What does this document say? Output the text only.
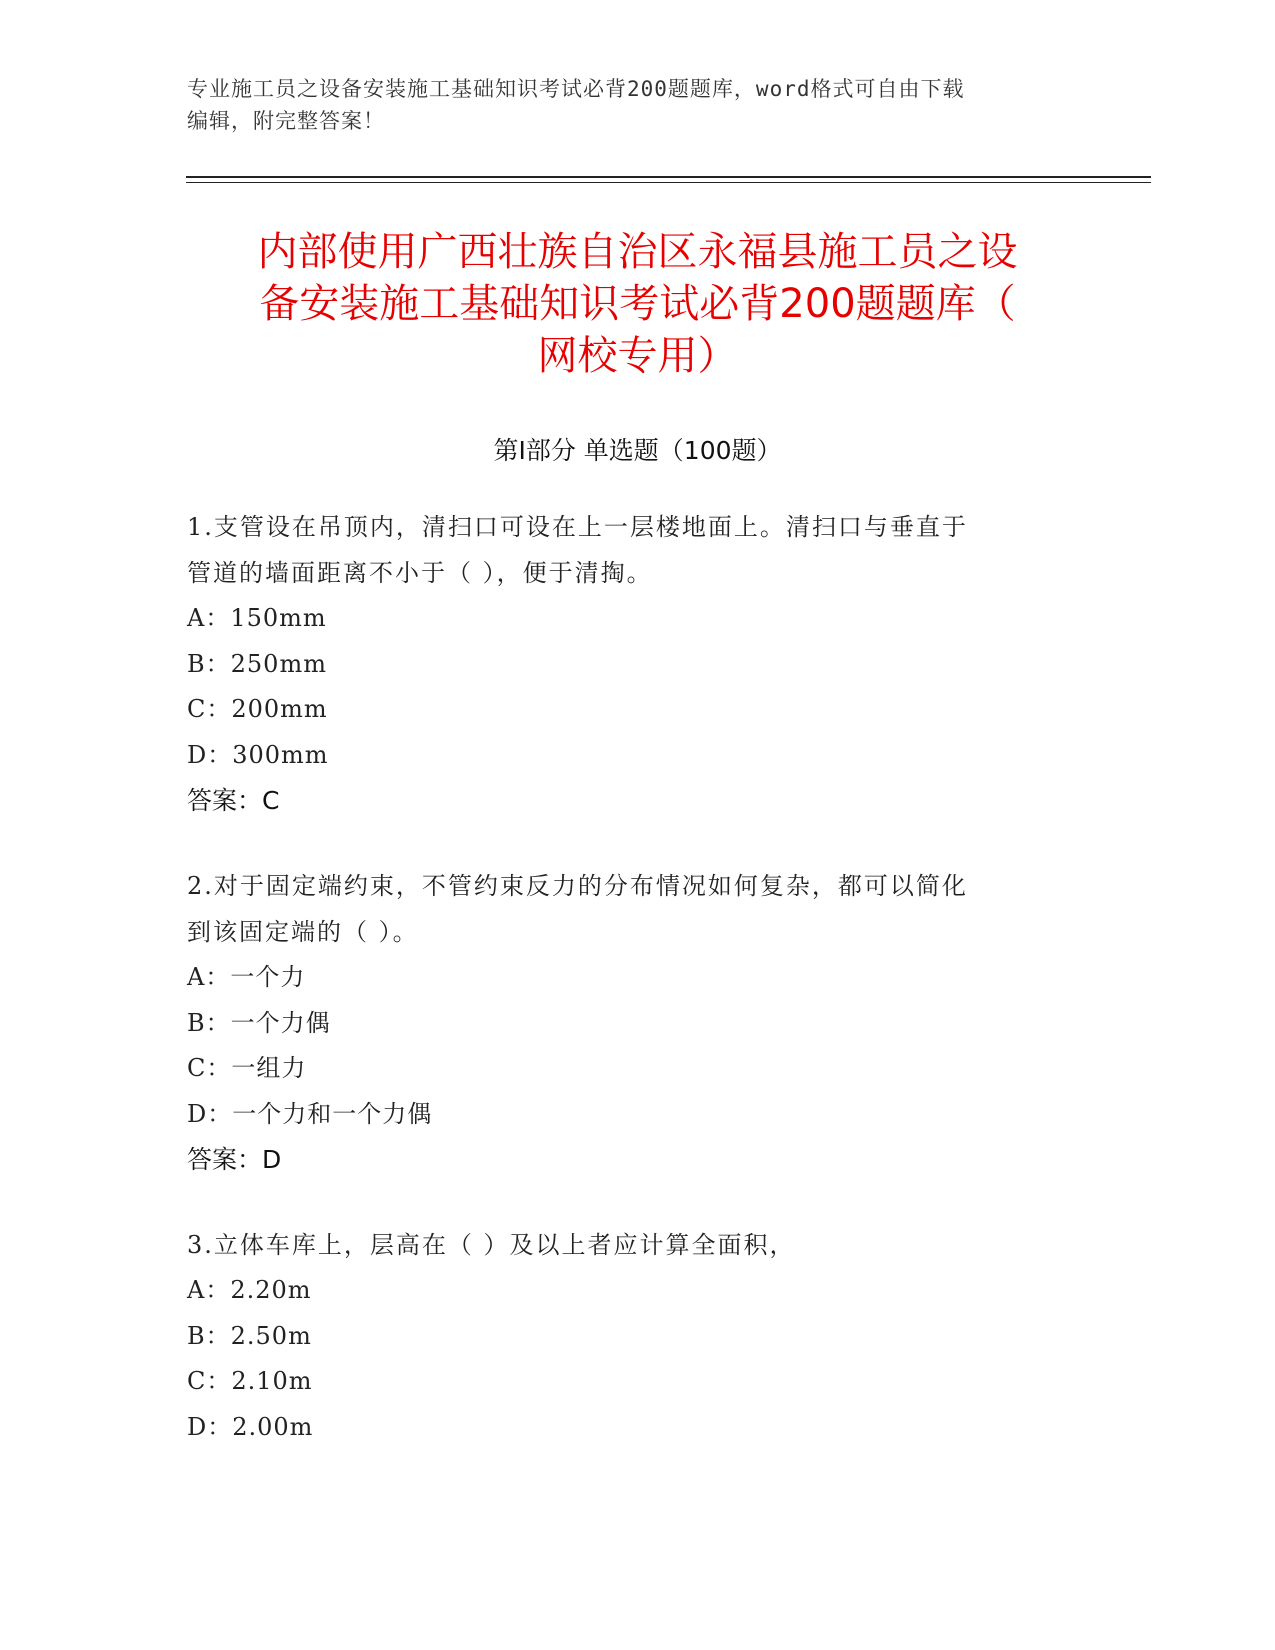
专业施工员之设备安装施工基础知识考试必背200题题库，word格式可自由下载
编辑，附完整答案！
内部使用广西壮族自治区永福县施工员之设
备安装施工基础知识考试必背200题题库（
网校专用）
第Ⅰ部分 单选题（100题）
1.支管设在吊顶内，清扫口可设在上一层楼地面上。清扫口与垂直于
管道的墙面距离不小于（ ），便于清掏。
A：150mm
B：250mm
C：200mm
D：300mm
答案：C
2.对于固定端约束，不管约束反力的分布情况如何复杂，都可以简化
到该固定端的（ ）。
A：一个力
B：一个力偶
C：一组力
D：一个力和一个力偶
答案：D
3.立体车库上，层高在（ ）及以上者应计算全面积，
A：2.20m
B：2.50m
C：2.10m
D：2.00m
